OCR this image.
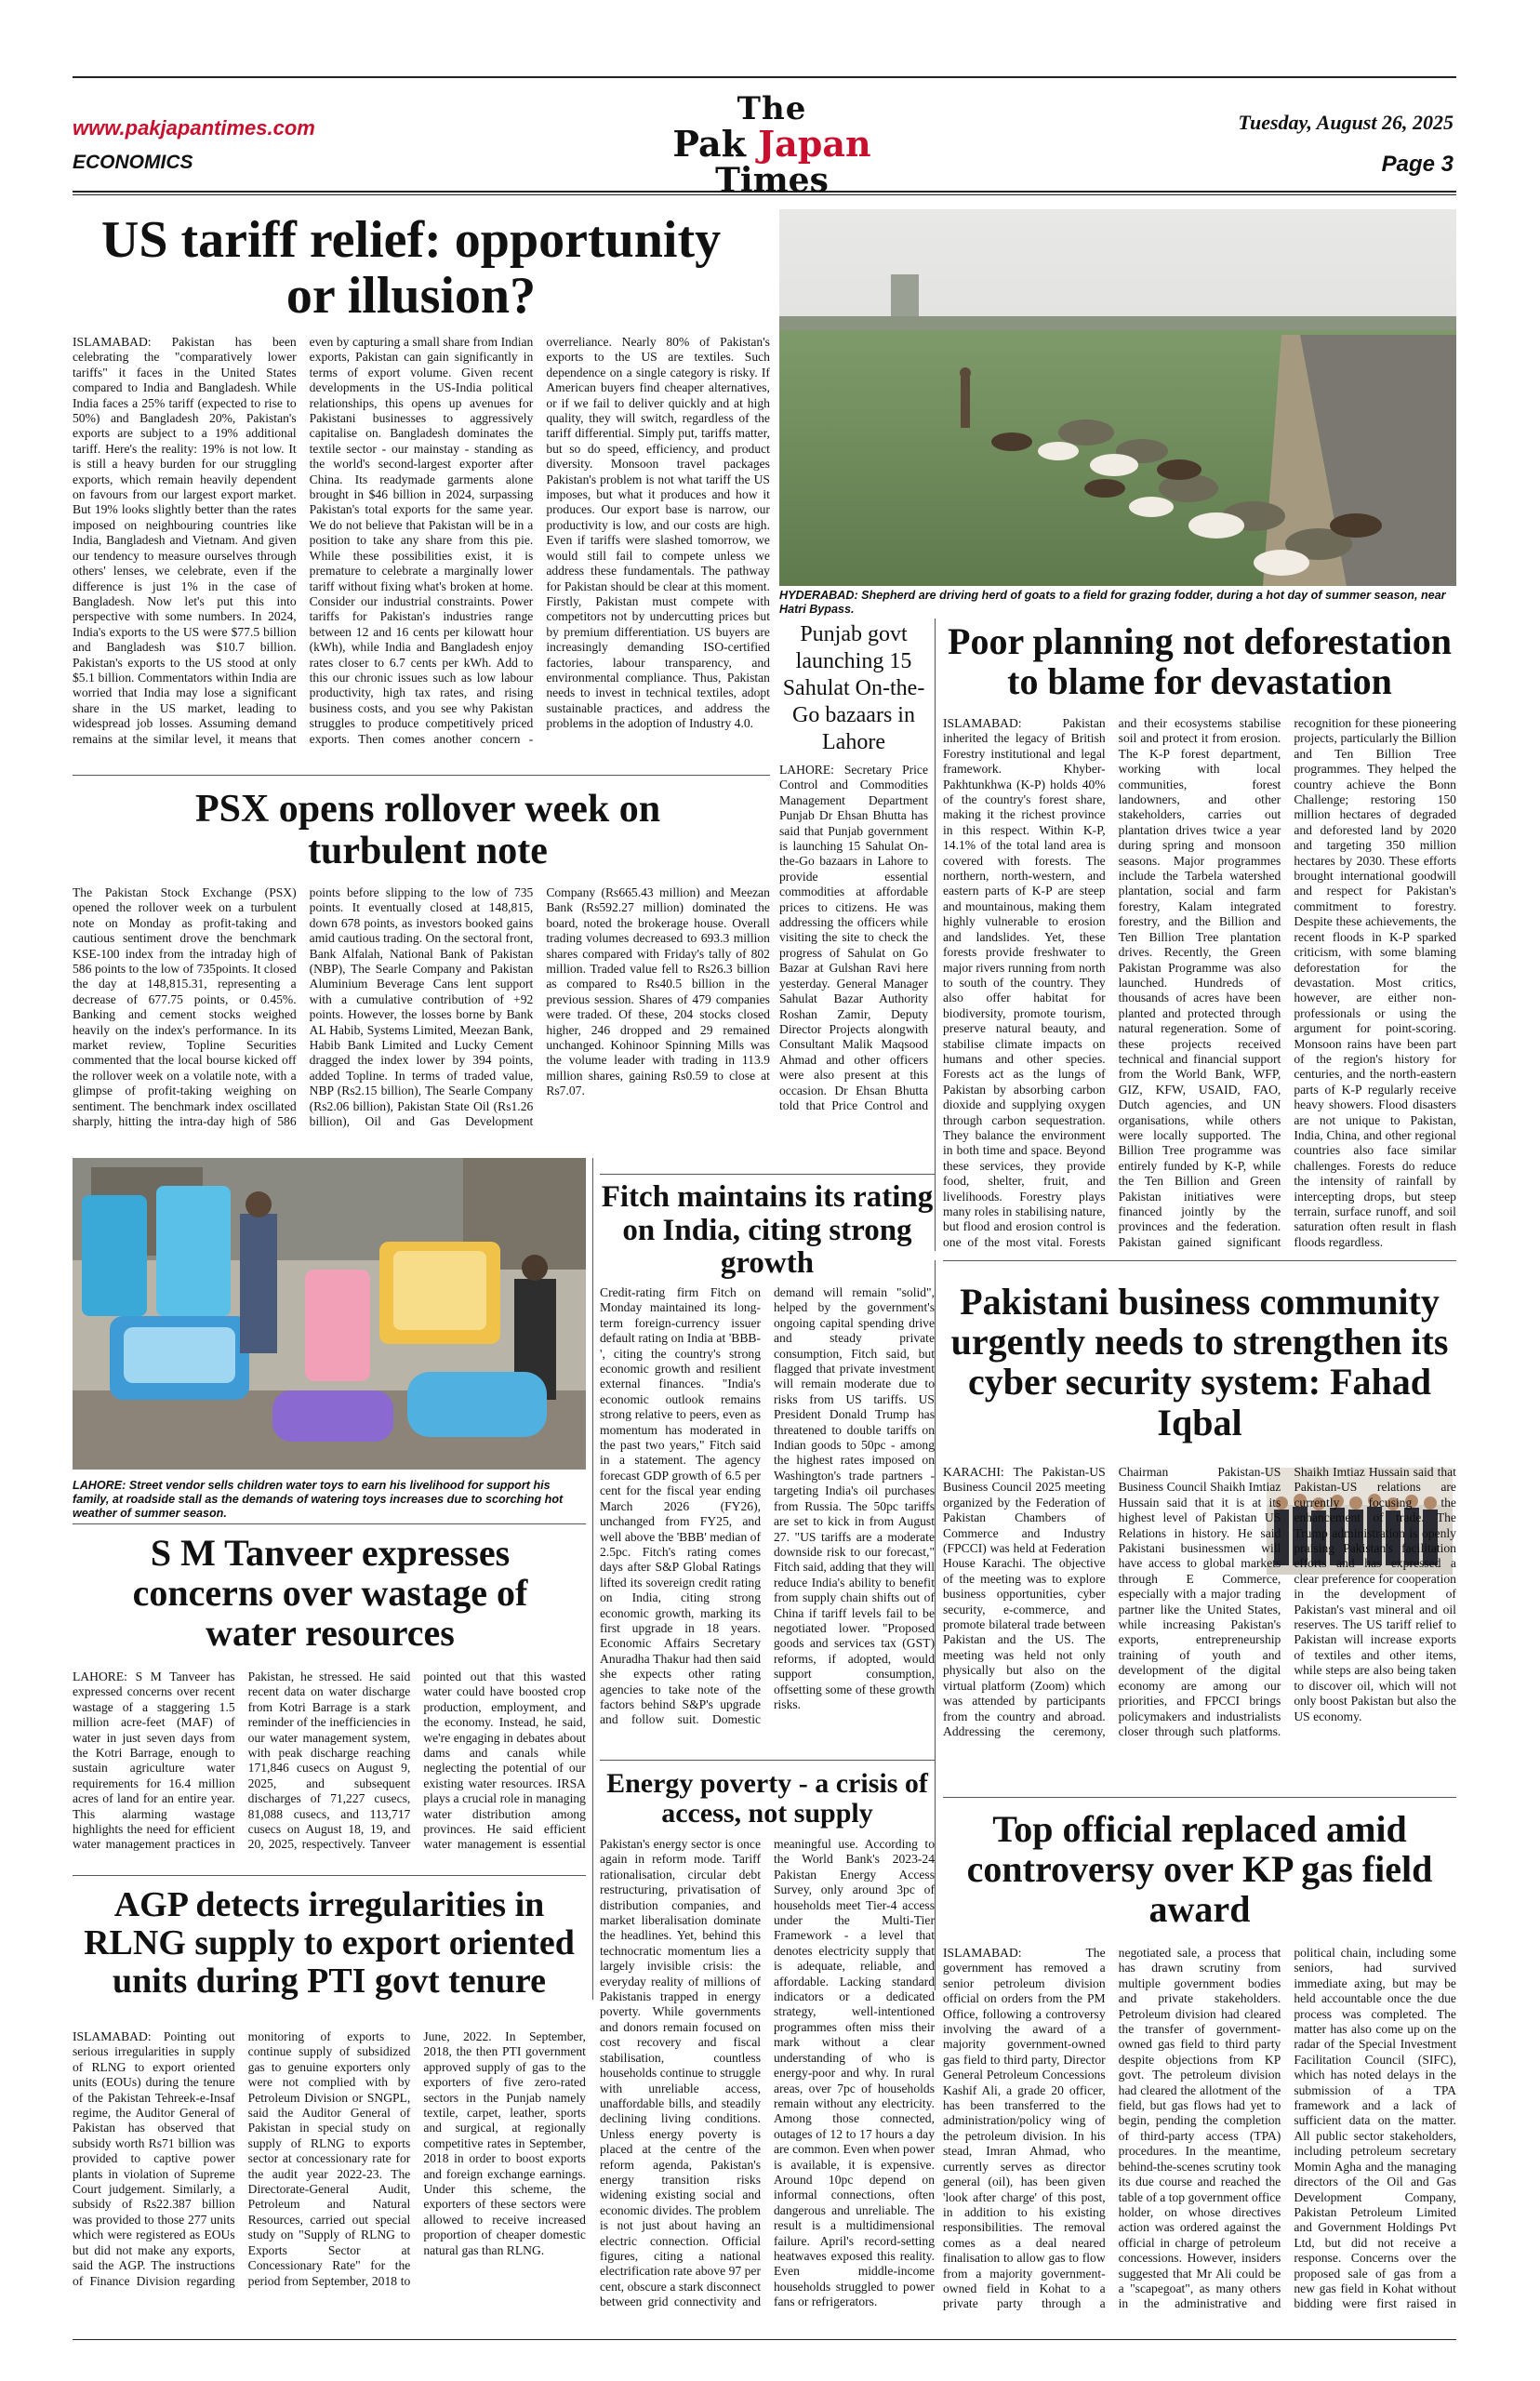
www.pakjapantimes.com
ECONOMICS
The
Pak Japan
Times
Tuesday, August 26, 2025
Page 3
US tariff relief: opportunity or illusion?
ISLAMABAD: Pakistan has been celebrating the "comparatively lower tariffs" it faces in the United States compared to India and Bangladesh. While India faces a 25% tariff (expected to rise to 50%) and Bangladesh 20%, Pakistan's exports are subject to a 19% additional tariff. Here's the reality: 19% is not low. It is still a heavy burden for our struggling exports, which remain heavily dependent on favours from our largest export market. But 19% looks slightly better than the rates imposed on neighbouring countries like India, Bangladesh and Vietnam. And given our tendency to measure ourselves through others' lenses, we celebrate, even if the difference is just 1% in the case of Bangladesh. Now let's put this into perspective with some numbers. In 2024, India's exports to the US were $77.5 billion and Bangladesh was $10.7 billion. Pakistan's exports to the US stood at only $5.1 billion. Commentators within India are worried that India may lose a significant share in the US market, leading to widespread job losses. Assuming demand remains at the similar level, it means that even by capturing a small share from Indian exports, Pakistan can gain significantly in terms of export volume. Given recent developments in the US-India political relationships, this opens up avenues for Pakistani businesses to aggressively capitalise on. Bangladesh dominates the textile sector - our mainstay - standing as the world's second-largest exporter after China. Its readymade garments alone brought in $46 billion in 2024, surpassing Pakistan's total exports for the same year. We do not believe that Pakistan will be in a position to take any share from this pie. While these possibilities exist, it is premature to celebrate a marginally lower tariff without fixing what's broken at home. Consider our industrial constraints. Power tariffs for Pakistan's industries range between 12 and 16 cents per kilowatt hour (kWh), while India and Bangladesh enjoy rates closer to 6.7 cents per kWh. Add to this our chronic issues such as low labour productivity, high tax rates, and rising business costs, and you see why Pakistan struggles to produce competitively priced exports. Then comes another concern - overreliance. Nearly 80% of Pakistan's exports to the US are textiles. Such dependence on a single category is risky. If American buyers find cheaper alternatives, or if we fail to deliver quickly and at high quality, they will switch, regardless of the tariff differential. Simply put, tariffs matter, but so do speed, efficiency, and product diversity. Monsoon travel packages Pakistan's problem is not what tariff the US imposes, but what it produces and how it produces. Our export base is narrow, our productivity is low, and our costs are high. Even if tariffs were slashed tomorrow, we would still fail to compete unless we address these fundamentals. The pathway for Pakistan should be clear at this moment. Firstly, Pakistan must compete with competitors not by undercutting prices but by premium differentiation. US buyers are increasingly demanding ISO-certified factories, labour transparency, and environmental compliance. Thus, Pakistan needs to invest in technical textiles, adopt sustainable practices, and address the problems in the adoption of Industry 4.0.
HYDERABAD: Shepherd are driving herd of goats to a field for grazing fodder, during a hot day of summer season, near Hatri Bypass.
PSX opens rollover week on turbulent note
The Pakistan Stock Exchange (PSX) opened the rollover week on a turbulent note on Monday as profit-taking and cautious sentiment drove the benchmark KSE-100 index from the intraday high of 586 points to the low of 735points. It closed the day at 148,815.31, representing a decrease of 677.75 points, or 0.45%. Banking and cement stocks weighed heavily on the index's performance. In its market review, Topline Securities commented that the local bourse kicked off the rollover week on a volatile note, with a glimpse of profit-taking weighing on sentiment. The benchmark index oscillated sharply, hitting the intra-day high of 586 points before slipping to the low of 735 points. It eventually closed at 148,815, down 678 points, as investors booked gains amid cautious trading. On the sectoral front, Bank Alfalah, National Bank of Pakistan (NBP), The Searle Company and Pakistan Aluminium Beverage Cans lent support with a cumulative contribution of +92 points. However, the losses borne by Bank AL Habib, Systems Limited, Meezan Bank, Habib Bank Limited and Lucky Cement dragged the index lower by 394 points, added Topline. In terms of traded value, NBP (Rs2.15 billion), The Searle Company (Rs2.06 billion), Pakistan State Oil (Rs1.26 billion), Oil and Gas Development Company (Rs665.43 million) and Meezan Bank (Rs592.27 million) dominated the board, noted the brokerage house. Overall trading volumes decreased to 693.3 million shares compared with Friday's tally of 802 million. Traded value fell to Rs26.3 billion as compared to Rs40.5 billion in the previous session. Shares of 479 companies were traded. Of these, 204 stocks closed higher, 246 dropped and 29 remained unchanged. Kohinoor Spinning Mills was the volume leader with trading in 113.9 million shares, gaining Rs0.59 to close at Rs7.07.
Punjab govt launching 15 Sahulat On-the-Go bazaars in Lahore
LAHORE: Secretary Price Control and Commodities Management Department Punjab Dr Ehsan Bhutta has said that Punjab government is launching 15 Sahulat On-the-Go bazaars in Lahore to provide essential commodities at affordable prices to citizens. He was addressing the officers while visiting the site to check the progress of Sahulat on Go Bazar at Gulshan Ravi here yesterday. General Manager Sahulat Bazar Authority Roshan Zamir, Deputy Director Projects alongwith Consultant Malik Maqsood Ahmad and other officers were also present at this occasion. Dr Ehsan Bhutta told that Price Control and
Poor planning not deforestation to blame for devastation
ISLAMABAD: Pakistan inherited the legacy of British Forestry institutional and legal framework. Khyber-Pakhtunkhwa (K-P) holds 40% of the country's forest share, making it the richest province in this respect. Within K-P, 14.1% of the total land area is covered with forests. The northern, north-western, and eastern parts of K-P are steep and mountainous, making them highly vulnerable to erosion and landslides. Yet, these forests provide freshwater to major rivers running from north to south of the country. They also offer habitat for biodiversity, promote tourism, preserve natural beauty, and stabilise climate impacts on humans and other species. Forests act as the lungs of Pakistan by absorbing carbon dioxide and supplying oxygen through carbon sequestration. They balance the environment in both time and space. Beyond these services, they provide food, shelter, fruit, and livelihoods. Forestry plays many roles in stabilising nature, but flood and erosion control is one of the most vital. Forests and their ecosystems stabilise soil and protect it from erosion. The K-P forest department, working with local communities, forest landowners, and other stakeholders, carries out plantation drives twice a year during spring and monsoon seasons. Major programmes include the Tarbela watershed plantation, social and farm forestry, Kalam integrated forestry, and the Billion and Ten Billion Tree plantation drives. Recently, the Green Pakistan Programme was also launched. Hundreds of thousands of acres have been planted and protected through natural regeneration. Some of these projects received technical and financial support from the World Bank, WFP, GIZ, KFW, USAID, FAO, Dutch agencies, and UN organisations, while others were locally supported. The Billion Tree programme was entirely funded by K-P, while the Ten Billion and Green Pakistan initiatives were financed jointly by the provinces and the federation. Pakistan gained significant recognition for these pioneering projects, particularly the Billion and Ten Billion Tree programmes. They helped the country achieve the Bonn Challenge; restoring 150 million hectares of degraded and deforested land by 2020 and targeting 350 million hectares by 2030. These efforts brought international goodwill and respect for Pakistan's commitment to forestry. Despite these achievements, the recent floods in K-P sparked criticism, with some blaming deforestation for the devastation. Most critics, however, are either non-professionals or using the argument for point-scoring. Monsoon rains have been part of the region's history for centuries, and the north-eastern parts of K-P regularly receive heavy showers. Flood disasters are not unique to Pakistan, India, China, and other regional countries also face similar challenges. Forests do reduce the intensity of rainfall by intercepting drops, but steep terrain, surface runoff, and soil saturation often result in flash floods regardless.
LAHORE: Street vendor sells children water toys to earn his livelihood for support his family, at roadside stall as the demands of watering toys increases due to scorching hot weather of summer season.
Fitch maintains its rating on India, citing strong growth
Credit-rating firm Fitch on Monday maintained its long-term foreign-currency issuer default rating on India at 'BBB-', citing the country's strong economic growth and resilient external finances. "India's economic outlook remains strong relative to peers, even as momentum has moderated in the past two years," Fitch said in a statement. The agency forecast GDP growth of 6.5 per cent for the fiscal year ending March 2026 (FY26), unchanged from FY25, and well above the 'BBB' median of 2.5pc. Fitch's rating comes days after S&P Global Ratings lifted its sovereign credit rating on India, citing strong economic growth, marking its first upgrade in 18 years. Economic Affairs Secretary Anuradha Thakur had then said she expects other rating agencies to take note of the factors behind S&P's upgrade and follow suit. Domestic demand will remain "solid", helped by the government's ongoing capital spending drive and steady private consumption, Fitch said, but flagged that private investment will remain moderate due to risks from US tariffs. US President Donald Trump has threatened to double tariffs on Indian goods to 50pc - among the highest rates imposed on Washington's trade partners - targeting India's oil purchases from Russia. The 50pc tariffs are set to kick in from August 27. "US tariffs are a moderate downside risk to our forecast," Fitch said, adding that they will reduce India's ability to benefit from supply chain shifts out of China if tariff levels fail to be negotiated lower. "Proposed goods and services tax (GST) reforms, if adopted, would support consumption, offsetting some of these growth risks.
Pakistani business community urgently needs to strengthen its cyber security system: Fahad Iqbal
KARACHI: The Pakistan-US Business Council 2025 meeting organized by the Federation of Pakistan Chambers of Commerce and Industry (FPCCI) was held at Federation House Karachi. The objective of the meeting was to explore business opportunities, cyber security, e-commerce, and promote bilateral trade between Pakistan and the US. The meeting was held not only physically but also on the virtual platform (Zoom) which was attended by participants from the country and abroad. Addressing the ceremony, Chairman Pakistan-US Business Council Shaikh Imtiaz Hussain said that it is at its highest level of Pakistan US Relations in history. He said Pakistani businessmen will have access to global markets through E Commerce, especially with a major trading partner like the United States, while increasing Pakistan's exports, entrepreneurship training of youth and development of the digital economy are among our priorities, and FPCCI brings policymakers and industrialists closer through such platforms. Shaikh Imtiaz Hussain said that Pakistan-US relations are currently focusing the enhancement of trade. The Trump administration is openly praising Pakistan's facilitation efforts and has expressed a clear preference for cooperation in the development of Pakistan's vast mineral and oil reserves. The US tariff relief to Pakistan will increase exports of textiles and other items, while steps are also being taken to discover oil, which will not only boost Pakistan but also the US economy.
S M Tanveer expresses concerns over wastage of water resources
LAHORE: S M Tanveer has expressed concerns over recent wastage of a staggering 1.5 million acre-feet (MAF) of water in just seven days from the Kotri Barrage, enough to sustain agriculture water requirements for 16.4 million acres of land for an entire year. This alarming wastage highlights the need for efficient water management practices in Pakistan, he stressed. He said recent data on water discharge from Kotri Barrage is a stark reminder of the inefficiencies in our water management system, with peak discharge reaching 171,846 cusecs on August 9, 2025, and subsequent discharges of 71,227 cusecs, 81,088 cusecs, and 113,717 cusecs on August 18, 19, and 20, 2025, respectively. Tanveer pointed out that this wasted water could have boosted crop production, employment, and the economy. Instead, he said, we're engaging in debates about dams and canals while neglecting the potential of our existing water resources. IRSA plays a crucial role in managing water distribution among provinces. He said efficient water management is essential
Energy poverty - a crisis of access, not supply
Pakistan's energy sector is once again in reform mode. Tariff rationalisation, circular debt restructuring, privatisation of distribution companies, and market liberalisation dominate the headlines. Yet, behind this technocratic momentum lies a largely invisible crisis: the everyday reality of millions of Pakistanis trapped in energy poverty. While governments and donors remain focused on cost recovery and fiscal stabilisation, countless households continue to struggle with unreliable access, unaffordable bills, and steadily declining living conditions. Unless energy poverty is placed at the centre of the reform agenda, Pakistan's energy transition risks widening existing social and economic divides. The problem is not just about having an electric connection. Official figures, citing a national electrification rate above 97 per cent, obscure a stark disconnect between grid connectivity and meaningful use. According to the World Bank's 2023-24 Pakistan Energy Access Survey, only around 3pc of households meet Tier-4 access under the Multi-Tier Framework - a level that denotes electricity supply that is adequate, reliable, and affordable. Lacking standard indicators or a dedicated strategy, well-intentioned programmes often miss their mark without a clear understanding of who is energy-poor and why. In rural areas, over 7pc of households remain without any electricity. Among those connected, outages of 12 to 17 hours a day are common. Even when power is available, it is expensive. Around 10pc depend on informal connections, often dangerous and unreliable. The result is a multidimensional failure. April's record-setting heatwaves exposed this reality. Even middle-income households struggled to power fans or refrigerators.
AGP detects irregularities in RLNG supply to export oriented units during PTI govt tenure
ISLAMABAD: Pointing out serious irregularities in supply of RLNG to export oriented units (EOUs) during the tenure of the Pakistan Tehreek-e-Insaf regime, the Auditor General of Pakistan has observed that subsidy worth Rs71 billion was provided to captive power plants in violation of Supreme Court judgement. Similarly, a subsidy of Rs22.387 billion was provided to those 277 units which were registered as EOUs but did not make any exports, said the AGP. The instructions of Finance Division regarding monitoring of exports to continue supply of subsidized gas to genuine exporters only were not complied with by Petroleum Division or SNGPL, said the Auditor General of Pakistan in special study on supply of RLNG to exports sector at concessionary rate for the audit year 2022-23. The Directorate-General Audit, Petroleum and Natural Resources, carried out special study on "Supply of RLNG to Exports Sector at Concessionary Rate" for the period from September, 2018 to June, 2022. In September, 2018, the then PTI government approved supply of gas to the exporters of five zero-rated sectors in the Punjab namely textile, carpet, leather, sports and surgical, at regionally competitive rates in September, 2018 in order to boost exports and foreign exchange earnings. Under this scheme, the exporters of these sectors were allowed to receive increased proportion of cheaper domestic natural gas than RLNG.
Top official replaced amid controversy over KP gas field award
ISLAMABAD: The government has removed a senior petroleum division official on orders from the PM Office, following a controversy involving the award of a majority government-owned gas field to third party, Director General Petroleum Concessions Kashif Ali, a grade 20 officer, has been transferred to the administration/policy wing of the petroleum division. In his stead, Imran Ahmad, who currently serves as director general (oil), has been given 'look after charge' of this post, in addition to his existing responsibilities. The removal comes as a deal neared finalisation to allow gas to flow from a majority government-owned field in Kohat to a private party through a negotiated sale, a process that has drawn scrutiny from multiple government bodies and private stakeholders. Petroleum division had cleared the transfer of government-owned gas field to third party despite objections from KP govt. The petroleum division had cleared the allotment of the field, but gas flows had yet to begin, pending the completion of third-party access (TPA) procedures. In the meantime, behind-the-scenes scrutiny took its due course and reached the table of a top government office holder, on whose directives action was ordered against the official in charge of petroleum concessions. However, insiders suggested that Mr Ali could be a "scapegoat", as many others in the administrative and political chain, including some seniors, had survived immediate axing, but may be held accountable once the due process was completed. The matter has also come up on the radar of the Special Investment Facilitation Council (SIFC), which has noted delays in the submission of a TPA framework and a lack of sufficient data on the matter. All public sector stakeholders, including petroleum secretary Momin Agha and the managing directors of the Oil and Gas Development Company, Pakistan Petroleum Limited and Government Holdings Pvt Ltd, but did not receive a response. Concerns over the proposed sale of gas from a new gas field in Kohat without bidding were first raised in
